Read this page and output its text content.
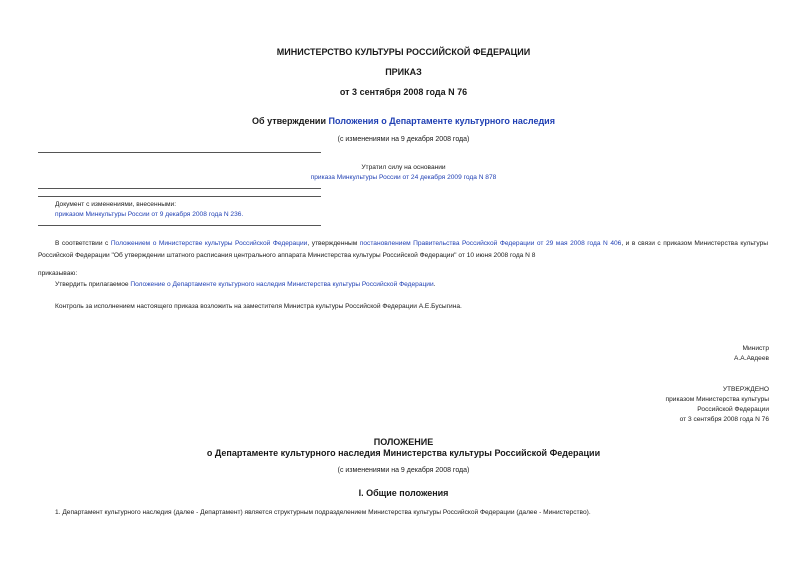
МИНИСТЕРСТВО КУЛЬТУРЫ РОССИЙСКОЙ ФЕДЕРАЦИИ
ПРИКАЗ
от 3 сентября 2008 года N 76
Об утверждении Положения о Департаменте культурного наследия
(с изменениями на 9 декабря 2008 года)
Утратил силу на основании
приказа Минкультуры России от 24 декабря 2009 года N 878
Документ с изменениями, внесенными:
приказом Минкультуры России от 9 декабря 2008 года N 236.
В соответствии с Положением о Министерстве культуры Российской Федерации, утвержденным постановлением Правительства Российской Федерации от 29 мая 2008 года N 406, и в связи с приказом Министерства культуры Российской Федерации "Об утверждении штатного расписания центрального аппарата Министерства культуры Российской Федерации" от 10 июня 2008 года N 8
приказываю:
Утвердить прилагаемое Положение о Департаменте культурного наследия Министерства культуры Российской Федерации.
Контроль за исполнением настоящего приказа возложить на заместителя Министра культуры Российской Федерации А.Е.Бусыгина.
Министр
А.А.Авдеев
УТВЕРЖДЕНО
приказом Министерства культуры
Российской Федерации
от 3 сентября 2008 года N 76
ПОЛОЖЕНИЕ
о Департаменте культурного наследия Министерства культуры Российской Федерации
(с изменениями на 9 декабря 2008 года)
I. Общие положения
1. Департамент культурного наследия (далее - Департамент) является структурным подразделением Министерства культуры Российской Федерации (далее - Министерство).
